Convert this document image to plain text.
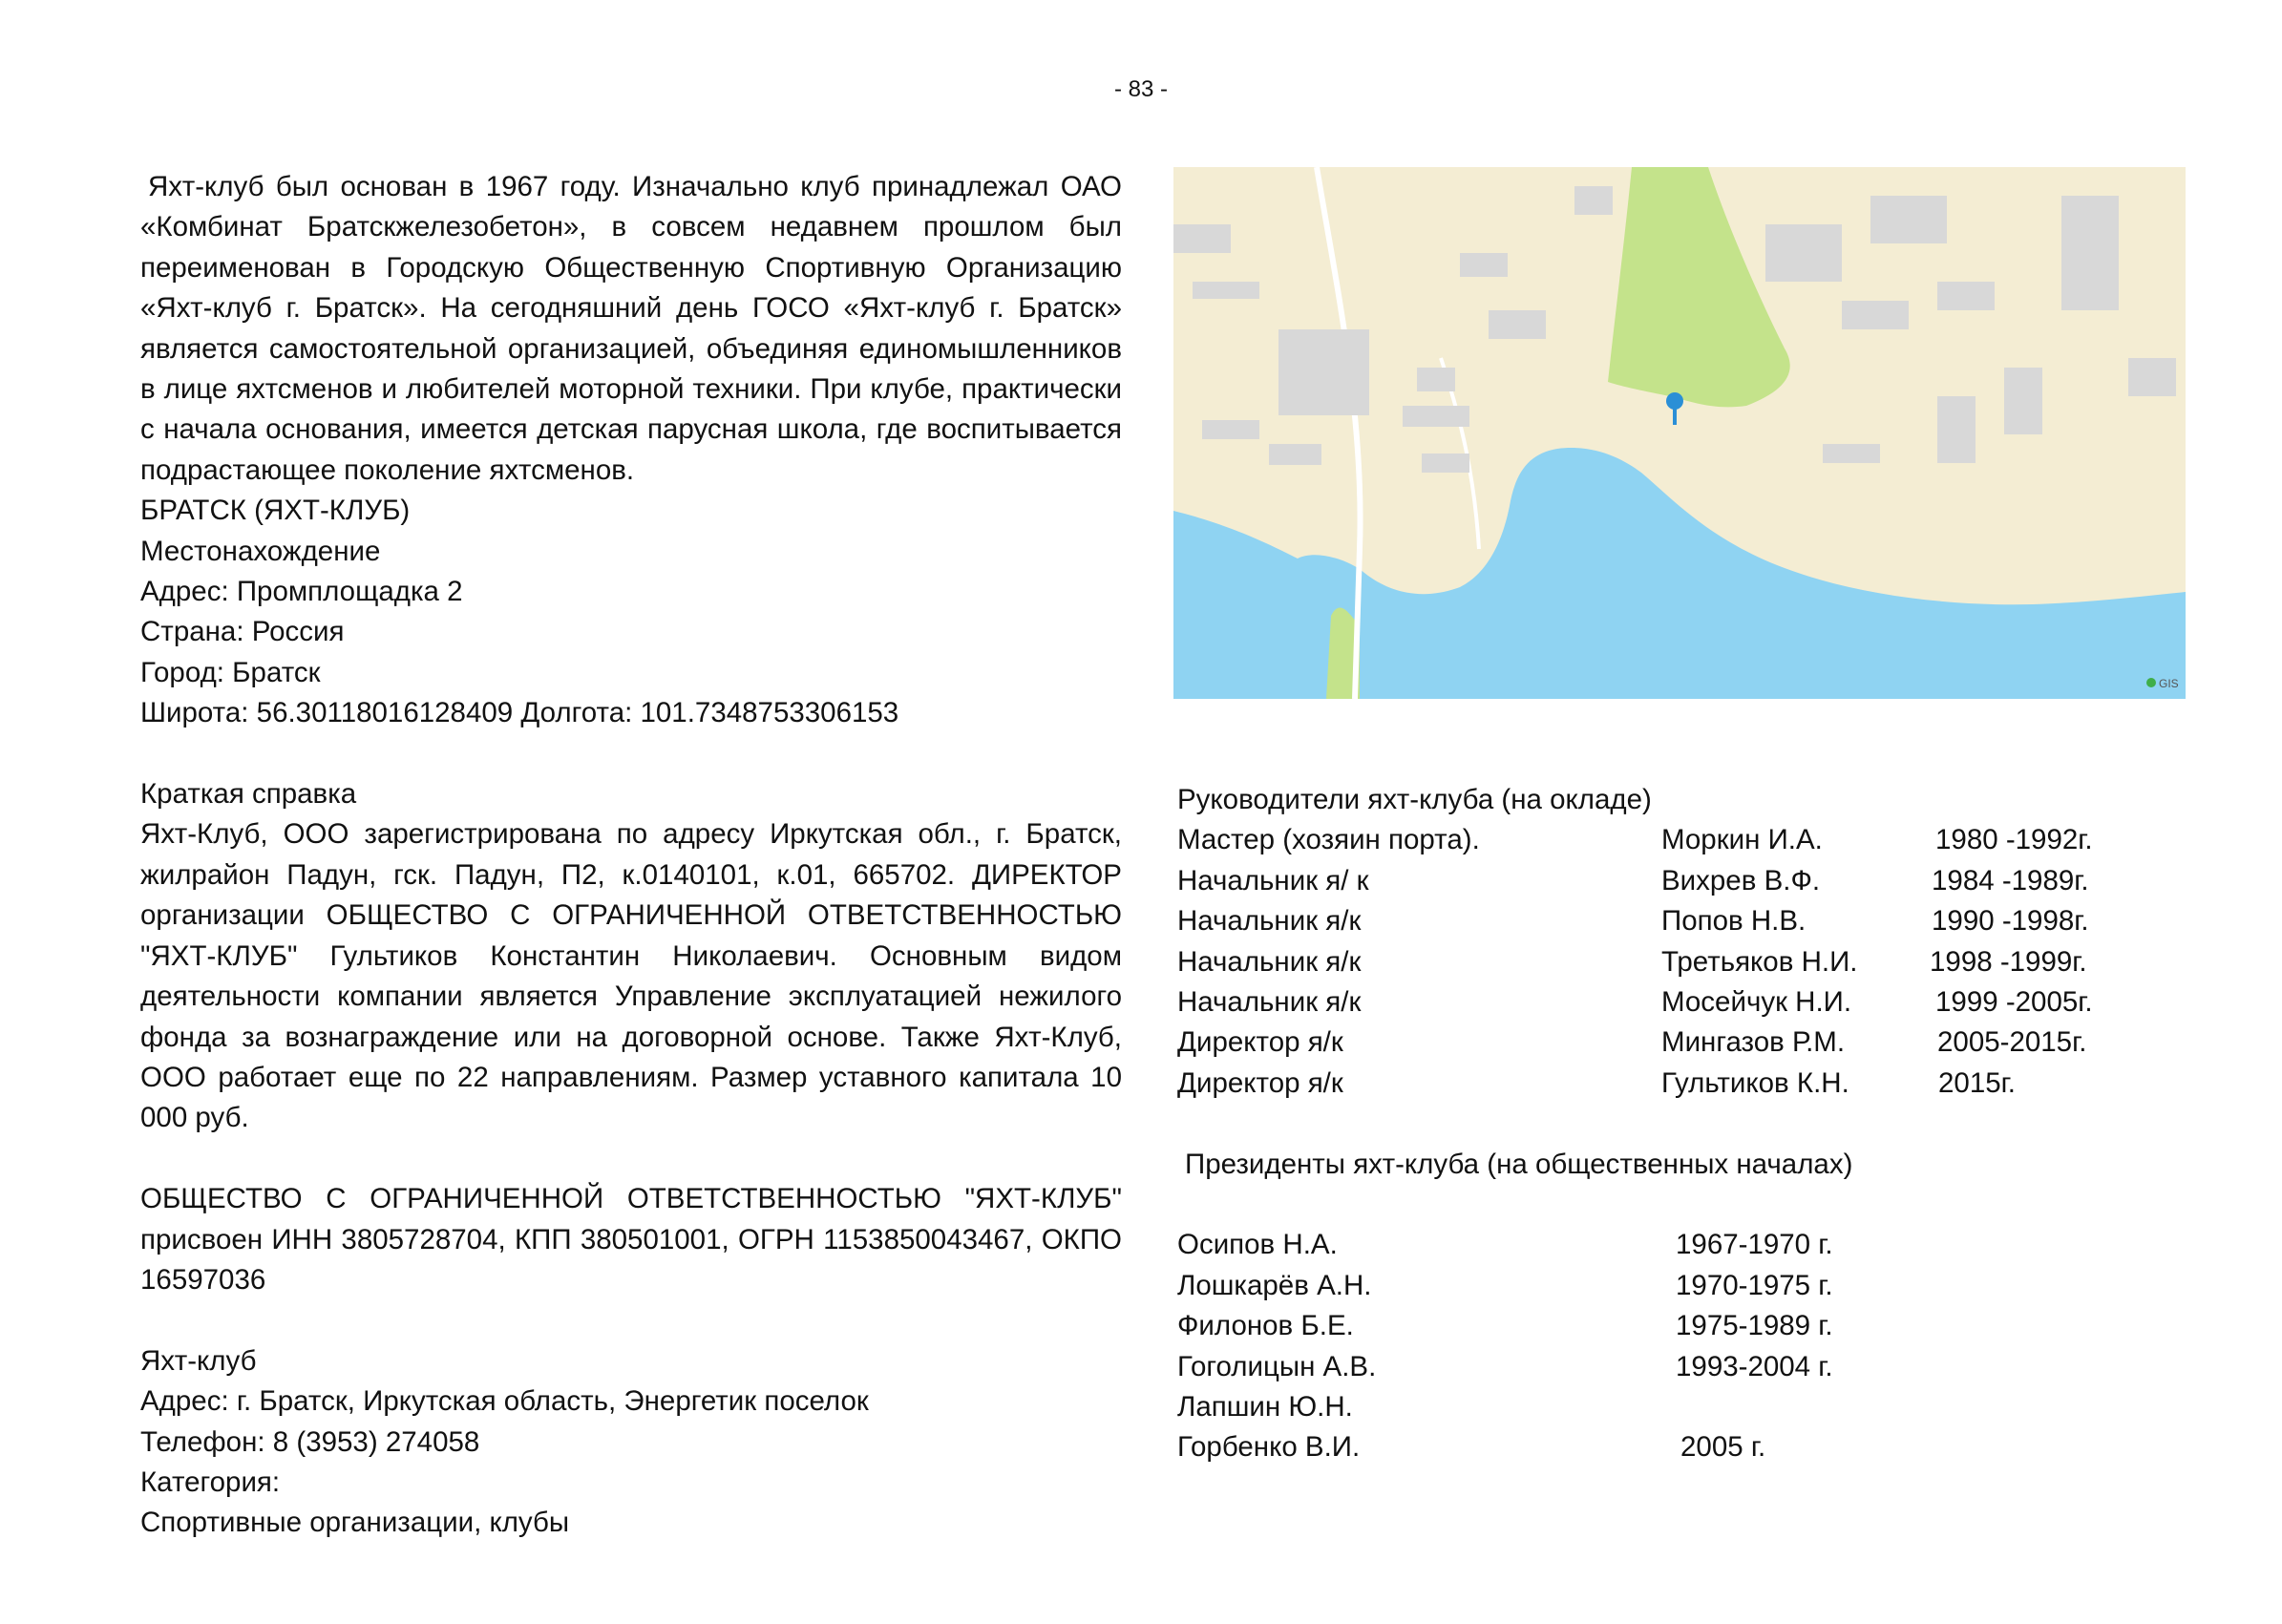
- 83 -

Яхт-клуб был основан в 1967 году. Изначально клуб принадлежал ОАО «Комбинат Братскжелезобетон», в совсем недавнем прошлом был переименован в Городскую Общественную Спортивную Организацию «Яхт-клуб г. Братск». На сегодняшний день ГОСО «Яхт-клуб г. Братск» является самостоятельной организацией, объединяя единомышленников в лице яхтсменов и любителей моторной техники. При клубе, практически с начала основания, имеется детская парусная школа, где воспитывается подрастающее поколение яхтсменов.

БРАТСК (ЯХТ-КЛУБ)

Местонахождение

Адрес: Промплощадка 2

Страна: Россия

Город: Братск

Широта: 56.30118016128409 Долгота: 101.7348753306153

Краткая справка

Яхт-Клуб, ООО зарегистрирована по адресу Иркутская обл., г. Братск, жилрайон Падун, гск. Падун, П2, к.0140101, к.01, 665702. ДИРЕКТОР организации ОБЩЕСТВО С ОГРАНИЧЕННОЙ ОТВЕТСТВЕННОСТЬЮ "ЯХТ-КЛУБ" Гультиков Константин Николаевич. Основным видом деятельности компании является Управление эксплуатацией нежилого фонда за вознаграждение или на договорной основе. Также Яхт-Клуб, ООО работает еще по 22 направлениям. Размер уставного капитала 10 000 руб.

ОБЩЕСТВО С ОГРАНИЧЕННОЙ ОТВЕТСТВЕННОСТЬЮ "ЯХТ-КЛУБ" присвоен ИНН 3805728704, КПП 380501001, ОГРН 1153850043467, ОКПО 16597036

Яхт-клуб

Адрес: г. Братск, Иркутская область, Энергетик поселок

Телефон: 8 (3953) 274058

Категория:

Спортивные организации, клубы

GIS

Руководители яхт-клуба (на окладе)

Мастер (хозяин порта).	Моркин И.А.	1980 -1992г.
Начальник я/ к	Вихрев В.Ф.	1984 -1989г.
Начальник я/к	Попов Н.В.	1990 -1998г.
Начальник я/к	Третьяков Н.И.	1998 -1999г.
Начальник я/к	Мосейчук Н.И.	1999 -2005г.
Директор я/к	Мингазов Р.М.	2005-2015г.
Директор я/к	Гультиков К.Н.	2015г.

Президенты яхт-клуба (на общественных началах)

Осипов Н.А.	1967-1970 г.
Лошкарёв А.Н.	1970-1975 г.
Филонов Б.Е.	1975-1989 г.
Гоголицын А.В.	1993-2004 г.
Лапшин Ю.Н.
Горбенко В.И.	2005 г.
